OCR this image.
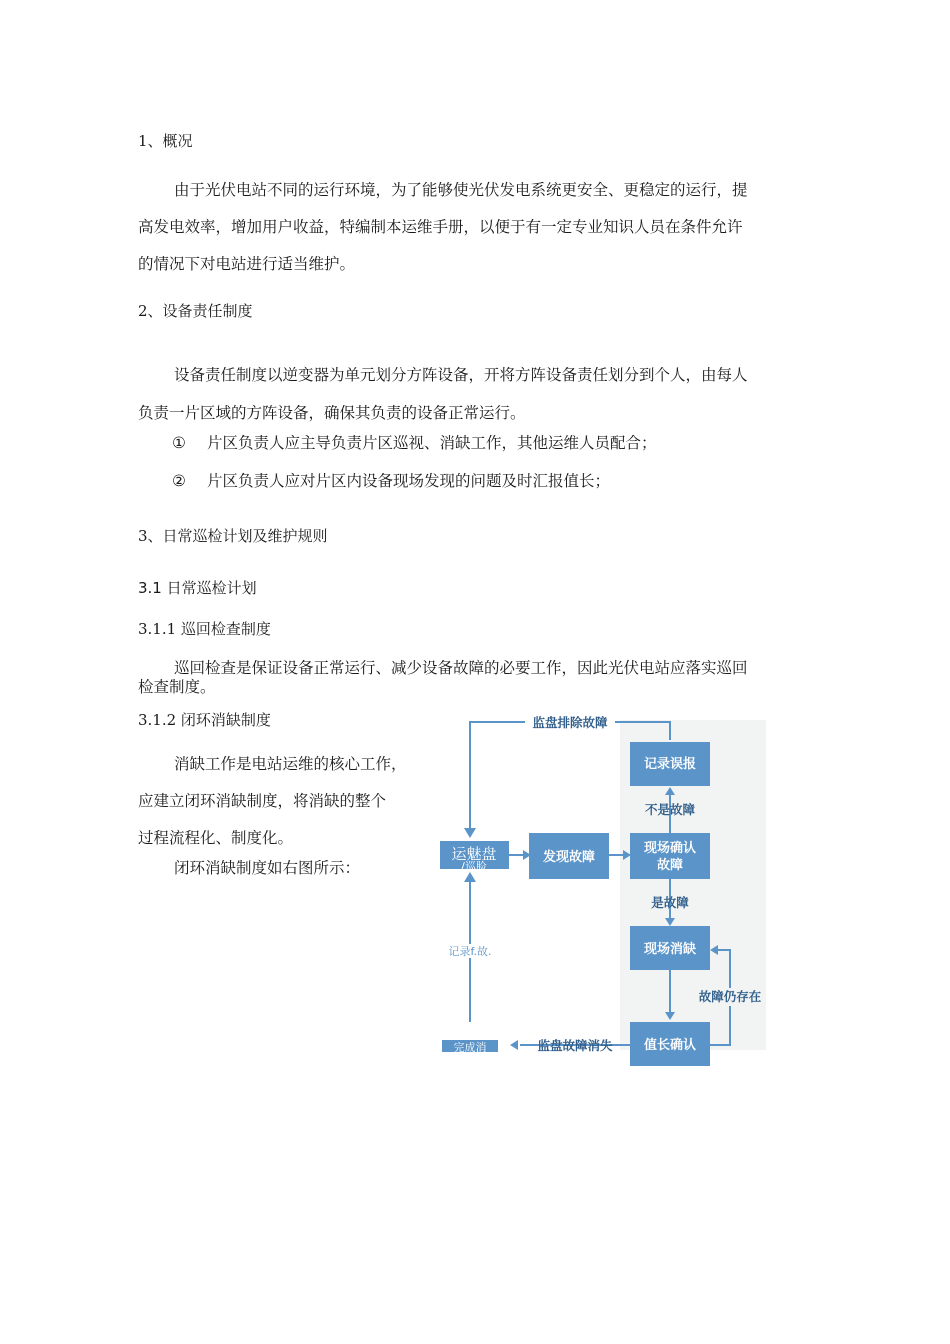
1、概况
由于光伏电站不同的运行环境，为了能够使光伏发电系统更安全、更稳定的运行，提
高发电效率，增加用户收益，特编制本运维手册，以便于有一定专业知识人员在条件允许
的情况下对电站进行适当维护。
2、设备责任制度
设备责任制度以逆变器为单元划分方阵设备，开将方阵设备责任划分到个人，由每人
负责一片区域的方阵设备，确保其负责的设备正常运行。
① 片区负责人应主导负责片区巡视、消缺工作，其他运维人员配合；
② 片区负责人应对片区内设备现场发现的问题及时汇报值长；
3、日常巡检计划及维护规则
3.1 日常巡检计划
3.1.1 巡回检查制度
巡回检查是保证设备正常运行、减少设备故障的必要工作，因此光伏电站应落实巡回
检查制度。
3.1.2 闭环消缺制度
消缺工作是电站运维的核心工作，
应建立闭环消缺制度，将消缺的整个
过程流程化、制度化。
闭环消缺制度如右图所示：
记录误报
现场确认
故障
发现故障
运魅盘
/巡脸
现场消缺
值长确认
完成消
监盘排除故障
不是故障
是故障
故障仍存在
监盘故障消失
记录f.故.
